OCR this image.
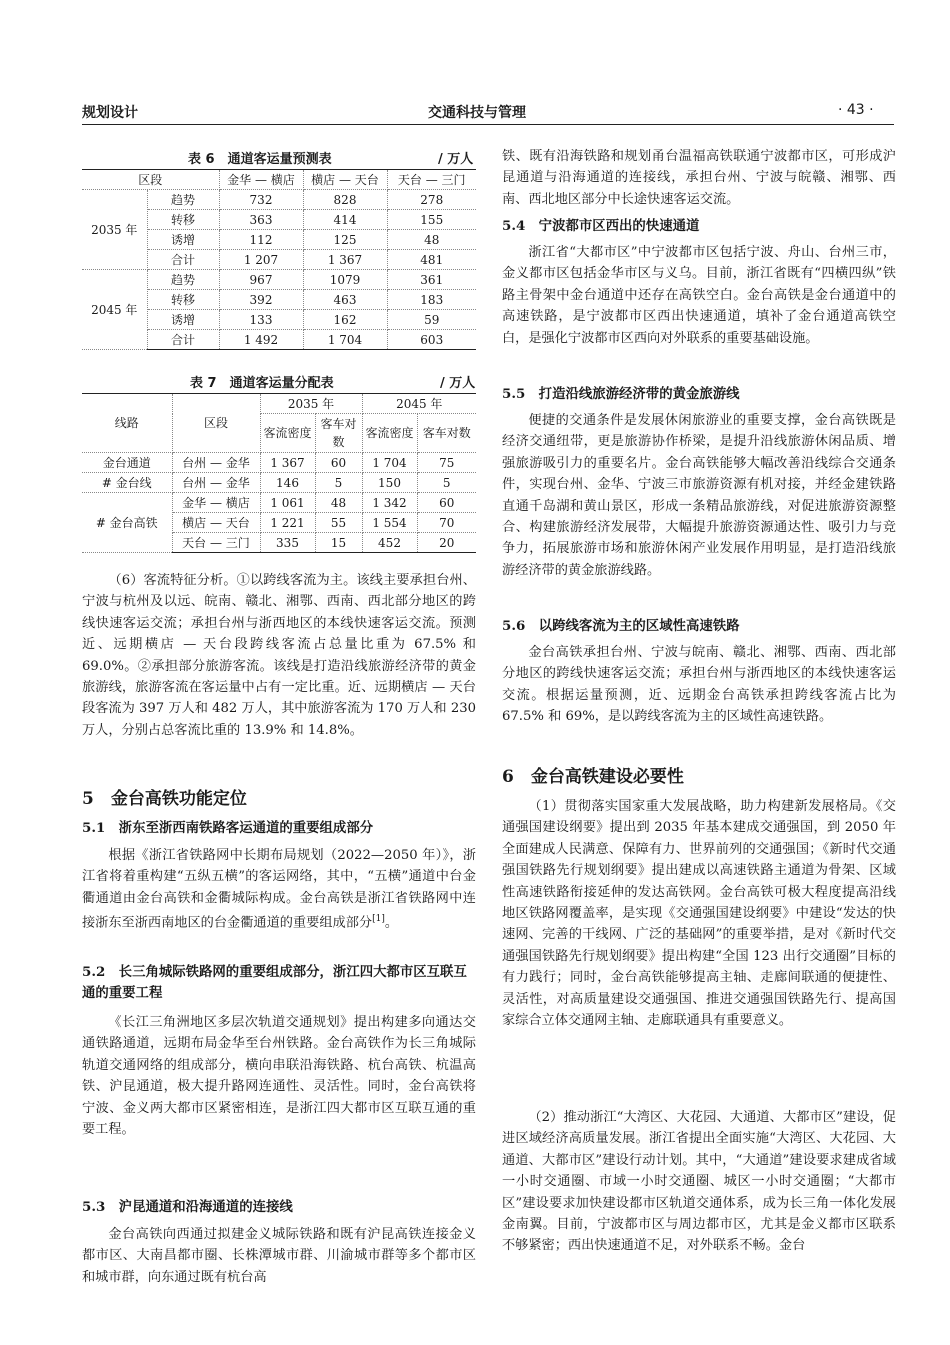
规划设计	交通科技与管理	· 43 ·
表 6　通道客运量预测表	/ 万人
区段		金华 — 横店	横店 — 天台	天台 — 三门
2035 年	趋势	732	828	278
	转移	363	414	155
	诱增	112	125	48
	合计	1 207	1 367	481
2045 年	趋势	967	1079	361
	转移	392	463	183
	诱增	133	162	59
	合计	1 492	1 704	603
表 7　通道客运量分配表	/ 万人
线路	区段	2035 年		2045 年	
		客流密度	客车对数	客流密度	客车对数
金台通道	台州 — 金华	1 367	60	1 704	75
# 金台线	台州 — 金华	146	5	150	5
# 金台高铁	金华 — 横店	1 061	48	1 342	60
	横店 — 天台	1 221	55	1 554	70
	天台 — 三门	335	15	452	20
（6）客流特征分析。①以跨线客流为主。该线主要承担台州、宁波与杭州及以远、皖南、赣北、湘鄂、西南、西北部分地区的跨线快速客运交流；承担台州与浙西地区的本线快速客运交流。预测近、远期横店 — 天台段跨线客流占总量比重为 67.5% 和 69.0%。②承担部分旅游客流。该线是打造沿线旅游经济带的黄金旅游线，旅游客流在客运量中占有一定比重。近、远期横店 — 天台段客流为 397 万人和 482 万人，其中旅游客流为 170 万人和 230 万人，分别占总客流比重的 13.9% 和 14.8%。
5　金台高铁功能定位
5.1　浙东至浙西南铁路客运通道的重要组成部分
根据《浙江省铁路网中长期布局规划（2022—2050 年）》，浙江省将着重构建“五纵五横”的客运网络，其中，“五横”通道中台金衢通道由金台高铁和金衢城际构成。金台高铁是浙江省铁路网中连接浙东至浙西南地区的台金衢通道的重要组成部分[1]。
5.2　长三角城际铁路网的重要组成部分，浙江四大都市区互联互通的重要工程
《长江三角洲地区多层次轨道交通规划》提出构建多向通达交通铁路通道，远期布局金华至台州铁路。金台高铁作为长三角城际轨道交通网络的组成部分，横向串联沿海铁路、杭台高铁、杭温高铁、沪昆通道，极大提升路网连通性、灵活性。同时，金台高铁将宁波、金义两大都市区紧密相连，是浙江四大都市区互联互通的重要工程。
5.3　沪昆通道和沿海通道的连接线
金台高铁向西通过拟建金义城际铁路和既有沪昆高铁连接金义都市区、大南昌都市圈、长株潭城市群、川渝城市群等多个都市区和城市群，向东通过既有杭台高
铁、既有沿海铁路和规划甬台温福高铁联通宁波都市区，可形成沪昆通道与沿海通道的连接线，承担台州、宁波与皖赣、湘鄂、西南、西北地区部分中长途快速客运交流。
5.4　宁波都市区西出的快速通道
浙江省“大都市区”中宁波都市区包括宁波、舟山、台州三市，金义都市区包括金华市区与义乌。目前，浙江省既有“四横四纵”铁路主骨架中金台通道中还存在高铁空白。金台高铁是金台通道中的高速铁路，是宁波都市区西出快速通道，填补了金台通道高铁空白，是强化宁波都市区西向对外联系的重要基础设施。
5.5　打造沿线旅游经济带的黄金旅游线
便捷的交通条件是发展休闲旅游业的重要支撑，金台高铁既是经济交通纽带，更是旅游协作桥梁，是提升沿线旅游休闲品质、增强旅游吸引力的重要名片。金台高铁能够大幅改善沿线综合交通条件，实现台州、金华、宁波三市旅游资源有机对接，并经金建铁路直通千岛湖和黄山景区，形成一条精品旅游线，对促进旅游资源整合、构建旅游经济发展带，大幅提升旅游资源通达性、吸引力与竞争力，拓展旅游市场和旅游休闲产业发展作用明显，是打造沿线旅游经济带的黄金旅游线路。
5.6　以跨线客流为主的区域性高速铁路
金台高铁承担台州、宁波与皖南、赣北、湘鄂、西南、西北部分地区的跨线快速客运交流；承担台州与浙西地区的本线快速客运交流。根据运量预测，近、远期金台高铁承担跨线客流占比为 67.5% 和 69%，是以跨线客流为主的区域性高速铁路。
6　金台高铁建设必要性
（1）贯彻落实国家重大发展战略，助力构建新发展格局。《交通强国建设纲要》提出到 2035 年基本建成交通强国，到 2050 年全面建成人民满意、保障有力、世界前列的交通强国；《新时代交通强国铁路先行规划纲要》提出建成以高速铁路主通道为骨架、区域性高速铁路衔接延伸的发达高铁网。金台高铁可极大程度提高沿线地区铁路网覆盖率，是实现《交通强国建设纲要》中建设“发达的快速网、完善的干线网、广泛的基础网”的重要举措，是对《新时代交通强国铁路先行规划纲要》提出构建“全国 123 出行交通圈”目标的有力践行；同时，金台高铁能够提高主轴、走廊间联通的便捷性、灵活性，对高质量建设交通强国、推进交通强国铁路先行、提高国家综合立体交通网主轴、走廊联通具有重要意义。
（2）推动浙江“大湾区、大花园、大通道、大都市区”建设，促进区域经济高质量发展。浙江省提出全面实施“大湾区、大花园、大通道、大都市区”建设行动计划。其中，“大通道”建设要求建成省域一小时交通圈、市域一小时交通圈、城区一小时交通圈；“大都市区”建设要求加快建设都市区轨道交通体系，成为长三角一体化发展金南翼。目前，宁波都市区与周边都市区，尤其是金义都市区联系不够紧密；西出快速通道不足，对外联系不畅。金台
